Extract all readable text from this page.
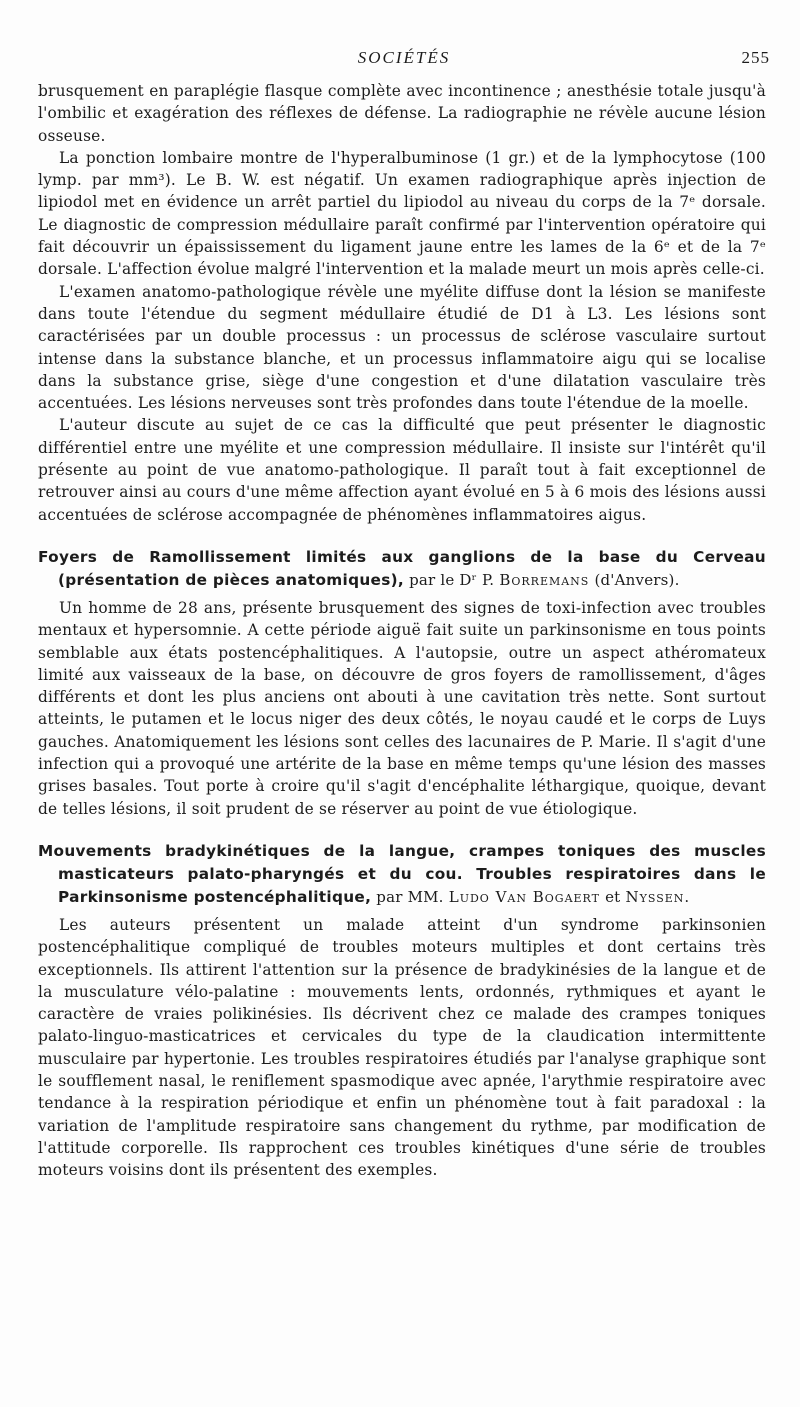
SOCIÉTÉS	255

brusquement en paraplégie flasque complète avec incontinence ; anesthésie totale jusqu'à l'ombilic et exagération des réflexes de défense. La radiographie ne révèle aucune lésion osseuse.

La ponction lombaire montre de l'hyperalbuminose (1 gr.) et de la lymphocytose (100 lymp. par mm³). Le B. W. est négatif. Un examen radiographique après injection de lipiodol met en évidence un arrêt partiel du lipiodol au niveau du corps de la 7ᵉ dorsale. Le diagnostic de compression médullaire paraît confirmé par l'intervention opératoire qui fait découvrir un épaississement du ligament jaune entre les lames de la 6ᵉ et de la 7ᵉ dorsale. L'affection évolue malgré l'intervention et la malade meurt un mois après celle-ci.

L'examen anatomo-pathologique révèle une myélite diffuse dont la lésion se manifeste dans toute l'étendue du segment médullaire étudié de D1 à L3. Les lésions sont caractérisées par un double processus : un processus de sclérose vasculaire surtout intense dans la substance blanche, et un processus inflammatoire aigu qui se localise dans la substance grise, siège d'une congestion et d'une dilatation vasculaire très accentuées. Les lésions nerveuses sont très profondes dans toute l'étendue de la moelle.

L'auteur discute au sujet de ce cas la difficulté que peut présenter le diagnostic différentiel entre une myélite et une compression médullaire. Il insiste sur l'intérêt qu'il présente au point de vue anatomo-pathologique. Il paraît tout à fait exceptionnel de retrouver ainsi au cours d'une même affection ayant évolué en 5 à 6 mois des lésions aussi accentuées de sclérose accompagnée de phénomènes inflammatoires aigus.

Foyers de Ramollissement limités aux ganglions de la base du Cerveau (présentation de pièces anatomiques), par le Dʳ P. Borremans (d'Anvers).

Un homme de 28 ans, présente brusquement des signes de toxi-infection avec troubles mentaux et hypersomnie. A cette période aiguë fait suite un parkinsonisme en tous points semblable aux états postencéphalitiques. A l'autopsie, outre un aspect athéromateux limité aux vaisseaux de la base, on découvre de gros foyers de ramollissement, d'âges différents et dont les plus anciens ont abouti à une cavitation très nette. Sont surtout atteints, le putamen et le locus niger des deux côtés, le noyau caudé et le corps de Luys gauches. Anatomiquement les lésions sont celles des lacunaires de P. Marie. Il s'agit d'une infection qui a provoqué une artérite de la base en même temps qu'une lésion des masses grises basales. Tout porte à croire qu'il s'agit d'encéphalite léthargique, quoique, devant de telles lésions, il soit prudent de se réserver au point de vue étiologique.

Mouvements bradykinétiques de la langue, crampes toniques des muscles masticateurs palato-pharyngés et du cou. Troubles respiratoires dans le Parkinsonisme postencéphalitique, par MM. Ludo Van Bogaert et Nyssen.

Les auteurs présentent un malade atteint d'un syndrome parkinsonien postencéphalitique compliqué de troubles moteurs multiples et dont certains très exceptionnels. Ils attirent l'attention sur la présence de bradykinésies de la langue et de la musculature vélo-palatine : mouvements lents, ordonnés, rythmiques et ayant le caractère de vraies polikinésies. Ils décrivent chez ce malade des crampes toniques palato-linguo-masticatrices et cervicales du type de la claudication intermittente musculaire par hypertonie. Les troubles respiratoires étudiés par l'analyse graphique sont le soufflement nasal, le reniflement spasmodique avec apnée, l'arythmie respiratoire avec tendance à la respiration périodique et enfin un phénomène tout à fait paradoxal : la variation de l'amplitude respiratoire sans changement du rythme, par modification de l'attitude corporelle. Ils rapprochent ces troubles kinétiques d'une série de troubles moteurs voisins dont ils présentent des exemples.
